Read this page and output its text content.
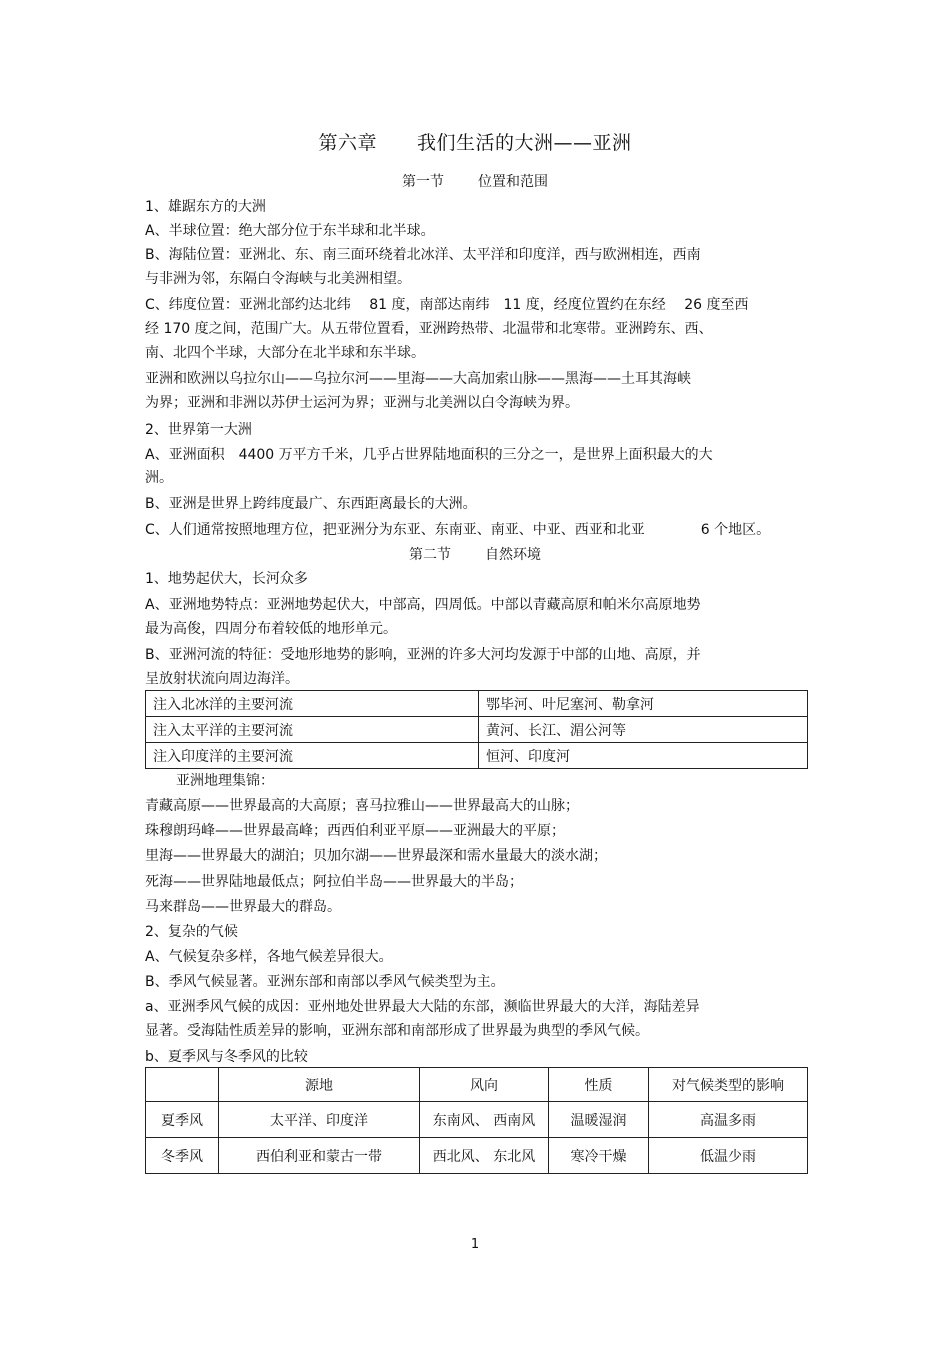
第六章 我们生活的大洲——亚洲
第一节 位置和范围
1、雄踞东方的大洲
A、半球位置：绝大部分位于东半球和北半球。
B、海陆位置：亚洲北、东、南三面环绕着北冰洋、太平洋和印度洋，西与欧洲相连，西南
与非洲为邻，东隔白令海峡与北美洲相望。
C、纬度位置：亚洲北部约达北纬　 81 度，南部达南纬　11 度，经度位置约在东经　 26 度至西
经 170 度之间，范围广大。从五带位置看，亚洲跨热带、北温带和北寒带。亚洲跨东、西、
南、北四个半球，大部分在北半球和东半球。
亚洲和欧洲以乌拉尔山——乌拉尔河——里海——大高加索山脉——黑海——土耳其海峡
为界；亚洲和非洲以苏伊士运河为界；亚洲与北美洲以白令海峡为界。
2、世界第一大洲
A、亚洲面积　4400 万平方千米，几乎占世界陆地面积的三分之一，是世界上面积最大的大
洲。
B、亚洲是世界上跨纬度最广、东西距离最长的大洲。
C、人们通常按照地理方位，把亚洲分为东亚、东南亚、南亚、中亚、西亚和北亚　　　　6 个地区。
第二节 自然环境
1、地势起伏大，长河众多
A、亚洲地势特点：亚洲地势起伏大，中部高，四周低。中部以青藏高原和帕米尔高原地势
最为高俊，四周分布着较低的地形单元。
B、亚洲河流的特征：受地形地势的影响，亚洲的许多大河均发源于中部的山地、高原，并
呈放射状流向周边海洋。
注入北冰洋的主要河流	鄂毕河、叶尼塞河、勒拿河
注入太平洋的主要河流	黄河、长江、湄公河等
注入印度洋的主要河流	恒河、印度河
亚洲地理集锦：
青藏高原——世界最高的大高原；喜马拉雅山——世界最高大的山脉；
珠穆朗玛峰——世界最高峰；西西伯利亚平原——亚洲最大的平原；
里海——世界最大的湖泊；贝加尔湖——世界最深和需水量最大的淡水湖；
死海——世界陆地最低点；阿拉伯半岛——世界最大的半岛；
马来群岛——世界最大的群岛。
2、复杂的气候
A、气候复杂多样，各地气候差异很大。
B、季风气候显著。亚洲东部和南部以季风气候类型为主。
a、亚洲季风气候的成因：亚州地处世界最大大陆的东部，濒临世界最大的大洋，海陆差异
显著。受海陆性质差异的影响，亚洲东部和南部形成了世界最为典型的季风气候。
b、夏季风与冬季风的比较
	源地	风向	性质	对气候类型的影响
夏季风	太平洋、印度洋	东南风、 西南风	温暖湿润	高温多雨
冬季风	西伯利亚和蒙古一带	西北风、 东北风	寒冷干燥	低温少雨
1
